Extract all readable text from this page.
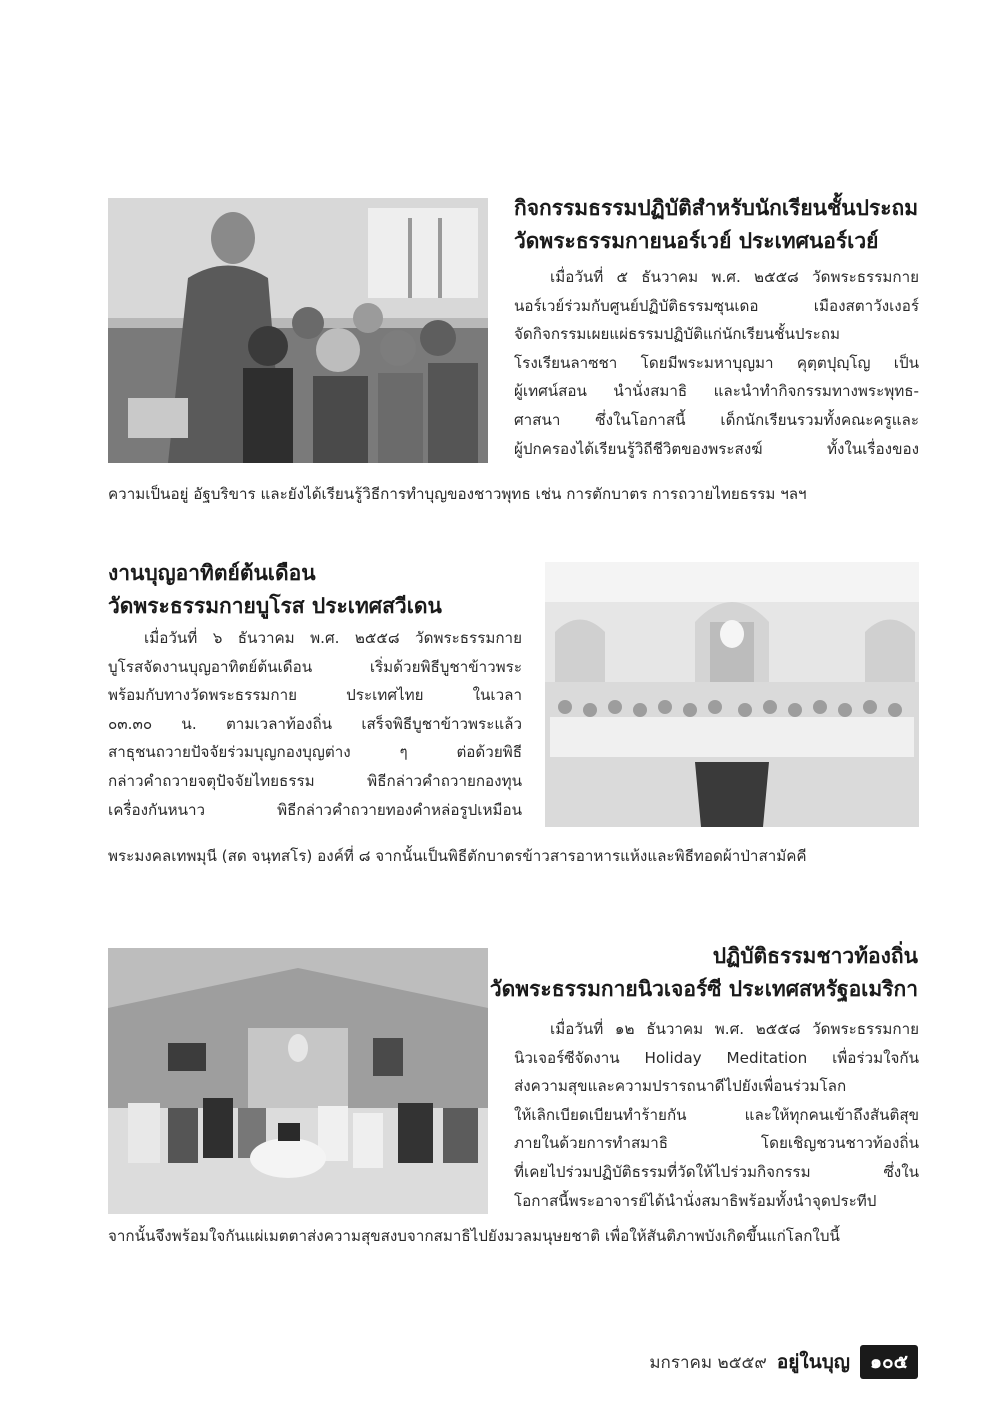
กิจกรรมธรรมปฏิบัติสำหรับนักเรียนชั้นประถม
วัดพระธรรมกายนอร์เวย์ ประเทศนอร์เวย์

เมื่อวันที่ ๕ ธันวาคม พ.ศ. ๒๕๕๘ วัดพระธรรมกาย

นอร์เวย์ร่วมกับศูนย์ปฏิบัติธรรมซุนเดอ เมืองสตาวังเงอร์

จัดกิจกรรมเผยแผ่ธรรมปฏิบัติแก่นักเรียนชั้นประถม

โรงเรียนลาซชา โดยมีพระมหาบุญมา คุตฺตปุญฺโญ เป็น

ผู้เทศน์สอน นำนั่งสมาธิ และนำทำกิจกรรมทางพระพุทธ-

ศาสนา ซึ่งในโอกาสนี้ เด็กนักเรียนรวมทั้งคณะครูและ

ผู้ปกครองได้เรียนรู้วิถีชีวิตของพระสงฆ์ ทั้งในเรื่องของ

ความเป็นอยู่ อัฐบริขาร และยังได้เรียนรู้วิธีการทำบุญของชาวพุทธ เช่น การตักบาตร การถวายไทยธรรม ฯลฯ

งานบุญอาทิตย์ต้นเดือน
วัดพระธรรมกายบูโรส ประเทศสวีเดน

เมื่อวันที่ ๖ ธันวาคม พ.ศ. ๒๕๕๘ วัดพระธรรมกาย

บูโรสจัดงานบุญอาทิตย์ต้นเดือน เริ่มด้วยพิธีบูชาข้าวพระ

พร้อมกับทางวัดพระธรรมกาย ประเทศไทย ในเวลา

๐๓.๓๐ น. ตามเวลาท้องถิ่น เสร็จพิธีบูชาข้าวพระแล้ว

สาธุชนถวายปัจจัยร่วมบุญกองบุญต่าง ๆ ต่อด้วยพิธี

กล่าวคำถวายจตุปัจจัยไทยธรรม พิธีกล่าวคำถวายกองทุน

เครื่องกันหนาว พิธีกล่าวคำถวายทองคำหล่อรูปเหมือน

พระมงคลเทพมุนี (สด จนฺทสโร) องค์ที่ ๘ จากนั้นเป็นพิธีตักบาตรข้าวสารอาหารแห้งและพิธีทอดผ้าป่าสามัคคี

ปฏิบัติธรรมชาวท้องถิ่น
วัดพระธรรมกายนิวเจอร์ซี ประเทศสหรัฐอเมริกา

เมื่อวันที่ ๑๒ ธันวาคม พ.ศ. ๒๕๕๘ วัดพระธรรมกาย

นิวเจอร์ซีจัดงาน Holiday Meditation เพื่อร่วมใจกัน

ส่งความสุขและความปรารถนาดีไปยังเพื่อนร่วมโลก

ให้เลิกเบียดเบียนทำร้ายกัน และให้ทุกคนเข้าถึงสันติสุข

ภายในด้วยการทำสมาธิ โดยเชิญชวนชาวท้องถิ่น

ที่เคยไปร่วมปฏิบัติธรรมที่วัดให้ไปร่วมกิจกรรม ซึ่งใน

โอกาสนี้พระอาจารย์ได้นำนั่งสมาธิพร้อมทั้งนำจุดประทีป

จากนั้นจึงพร้อมใจกันแผ่เมตตาส่งความสุขสงบจากสมาธิไปยังมวลมนุษยชาติ เพื่อให้สันติภาพบังเกิดขึ้นแก่โลกใบนี้

มกราคม ๒๕๕๙ อยู่ในบุญ	๑๐๕
